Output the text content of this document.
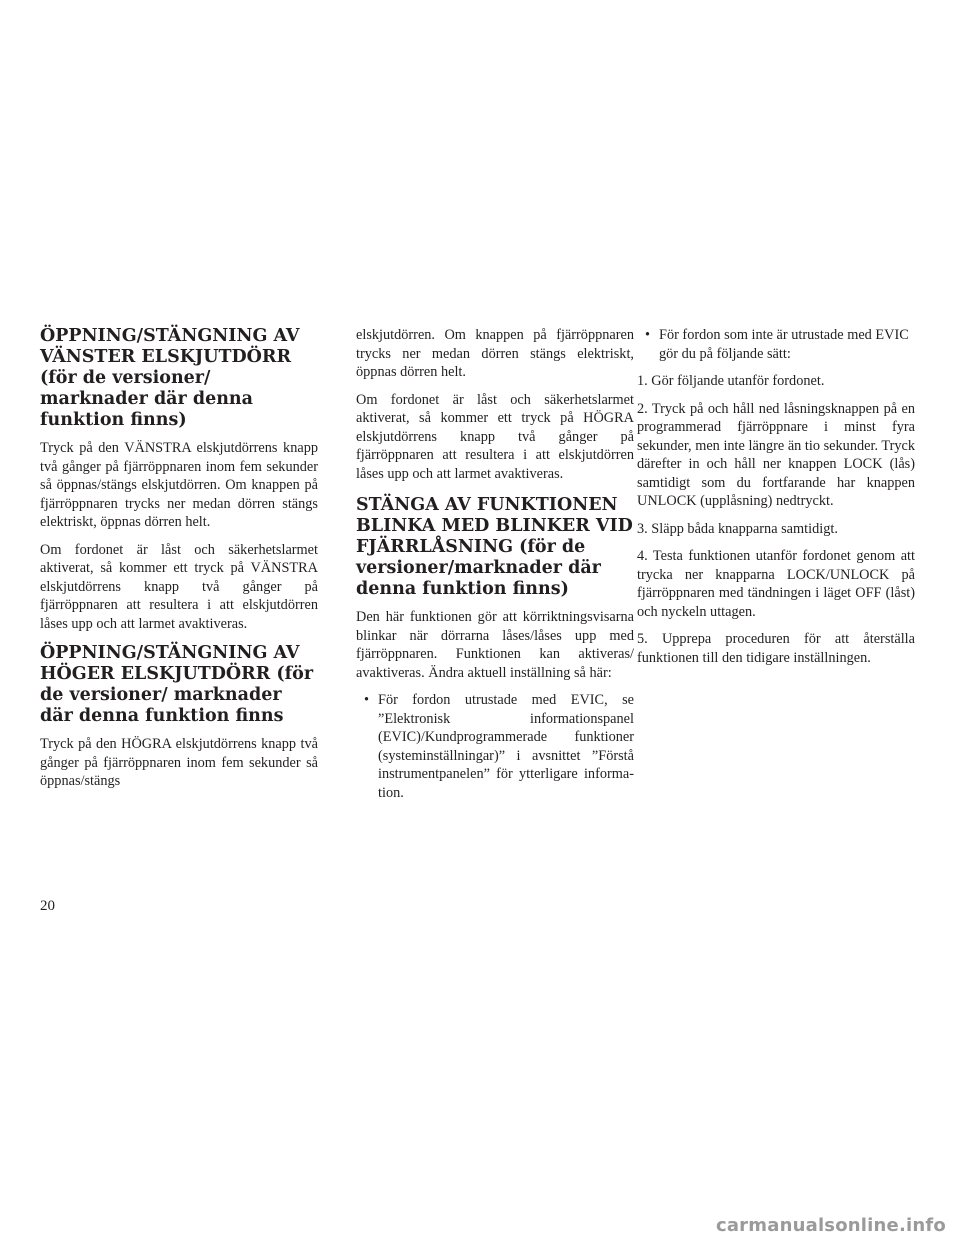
ÖPPNING/STÄNGNING AV VÄNSTER ELSKJUTDÖRR (för de versioner/ marknader där denna funktion finns)

Tryck på den VÄNSTRA elskjutdörrens knapp två gånger på fjärröppnaren inom fem sekunder så öppnas/stängs elskjutdörren. Om knappen på fjärröppnaren trycks ner medan dörren stängs elektriskt, öppnas dörren helt.

Om fordonet är låst och säkerhetslarmet aktiverat, så kommer ett tryck på VÄNSTRA elskjutdörrens knapp två gånger på fjärröppnaren att resultera i att elskjutdörren låses upp och att larmet avaktiveras.

ÖPPNING/STÄNGNING AV HÖGER ELSKJUTDÖRR (för de versioner/ marknader där denna funktion finns

Tryck på den HÖGRA elskjutdörrens knapp två gånger på fjärröppnaren inom fem sekunder så öppnas/stängs

elskjutdörren. Om knappen på fjärröppnaren trycks ner medan dörren stängs elektriskt, öppnas dörren helt.

Om fordonet är låst och säkerhetslarmet aktiverat, så kommer ett tryck på HÖGRA elskjutdörrens knapp två gånger på fjärröppnaren att resultera i att elskjutdörren låses upp och att larmet avaktiveras.

STÄNGA AV FUNKTIONEN BLINKA MED BLINKER VID FJÄRRLÅSNING (för de versioner/marknader där denna funktion finns)

Den här funktionen gör att körriktningsvisarna blinkar när dörrarna låses/låses upp med fjärröppnaren. Funktionen kan aktiveras/ avaktiveras. Ändra aktuell inställning så här:

• För fordon utrustade med EVIC, se ”Elektronisk informationspanel (EVIC)/Kundprogrammerade funktioner (systeminställningar)” i avsnittet ”Förstå instrumentpanelen” för ytterligare information.
• För fordon som inte är utrustade med EVIC gör du på följande sätt:

1. Gör följande utanför fordonet.

2. Tryck på och håll ned låsningsknappen på en programmerad fjärröppnare i minst fyra sekunder, men inte längre än tio sekunder. Tryck därefter in och håll ner knappen LOCK (lås) samtidigt som du fortfarande har knappen UNLOCK (upplåsning) nedtryckt.

3. Släpp båda knapparna samtidigt.

4. Testa funktionen utanför fordonet genom att trycka ner knapparna LOCK/UNLOCK på fjärröppnaren med tändningen i läget OFF (låst) och nyckeln uttagen.

5. Upprepa proceduren för att återställa funktionen till den tidigare inställningen.

20
carmanualsonline.info
